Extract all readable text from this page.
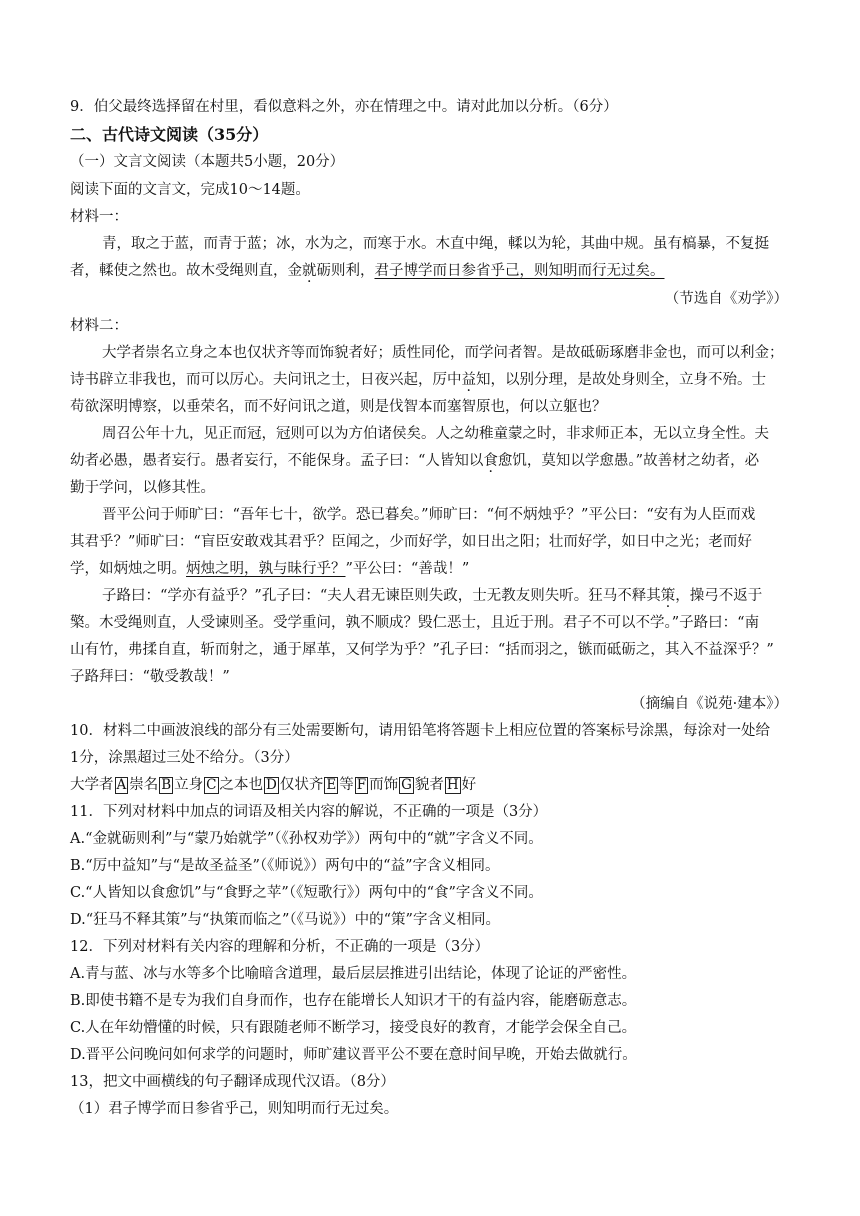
9．伯父最终选择留在村里，看似意料之外，亦在情理之中。请对此加以分析。（6分）
二、古代诗文阅读（35分）
（一）文言文阅读（本题共5小题，20分）
阅读下面的文言文，完成10～14题。
材料一：
青，取之于蓝，而青于蓝；冰，水为之，而寒于水。木直中绳，輮以为轮，其曲中规。虽有槁暴，不复挺
者，輮使之然也。故木受绳则直，金就砺则利，君子博学而日参省乎己，则知明而行无过矣。
（节选自《劝学》）
材料二：
大学者崇名立身之本也仅状齐等而饰貌者好；质性同伦，而学问者智。是故砥砺琢磨非金也，而可以利金；
诗书辟立非我也，而可以厉心。夫问讯之士，日夜兴起，厉中益知，以别分理，是故处身则全，立身不殆。士
苟欲深明博察，以垂荣名，而不好问讯之道，则是伐智本而塞智原也，何以立躯也？
周召公年十九，见正而冠，冠则可以为方伯诸侯矣。人之幼稚童蒙之时，非求师正本，无以立身全性。夫
幼者必愚，愚者妄行。愚者妄行，不能保身。孟子曰：“人皆知以食愈饥，莫知以学愈愚。”故善材之幼者，必
勤于学问，以修其性。
晋平公问于师旷曰：“吾年七十，欲学。恐已暮矣。”师旷曰：“何不炳烛乎？”平公曰：“安有为人臣而戏
其君乎？”师旷曰：“盲臣安敢戏其君乎？臣闻之，少而好学，如日出之阳；壮而好学，如日中之光；老而好
学，如炳烛之明。炳烛之明，孰与昧行乎？”平公曰：“善哉！”
子路曰：“学亦有益乎？”孔子曰：“夫人君无谏臣则失政，士无教友则失听。狂马不释其策，操弓不返于
檠。木受绳则直，人受谏则圣。受学重问，孰不顺成？毁仁恶士，且近于刑。君子不可以不学。”子路曰：“南
山有竹，弗揉自直，斩而射之，通于犀革，又何学为乎？”孔子曰：“括而羽之，镞而砥砺之，其入不益深乎？”
子路拜曰：“敬受教哉！”
（摘编自《说苑·建本》）
10．材料二中画波浪线的部分有三处需要断句，请用铅笔将答题卡上相应位置的答案标号涂黑，每涂对一处给
1分，涂黑超过三处不给分。（3分）
大学者 A 崇名 B 立身 C 之本也 D 仅状齐 E 等 F 而饰 G 貌者 H 好
11．下列对材料中加点的词语及相关内容的解说，不正确的一项是（3分）
A.“金就砺则利”与“蒙乃始就学”（《孙权劝学》）两句中的“就”字含义不同。
B.“厉中益知”与“是故圣益圣”（《师说》）两句中的“益”字含义相同。
C.“人皆知以食愈饥”与“食野之苹”（《短歌行》）两句中的“食”字含义不同。
D.“狂马不释其策”与“执策而临之”（《马说》）中的“策”字含义相同。
12．下列对材料有关内容的理解和分析，不正确的一项是（3分）
A.青与蓝、冰与水等多个比喻暗含道理，最后层层推进引出结论，体现了论证的严密性。
B.即使书籍不是专为我们自身而作，也存在能增长人知识才干的有益内容，能磨砺意志。
C.人在年幼懵懂的时候，只有跟随老师不断学习，接受良好的教育，才能学会保全自己。
D.晋平公问晚问如何求学的问题时，师旷建议晋平公不要在意时间早晚，开始去做就行。
13，把文中画横线的句子翻译成现代汉语。（8分）
（1）君子博学而日参省乎己，则知明而行无过矣。
